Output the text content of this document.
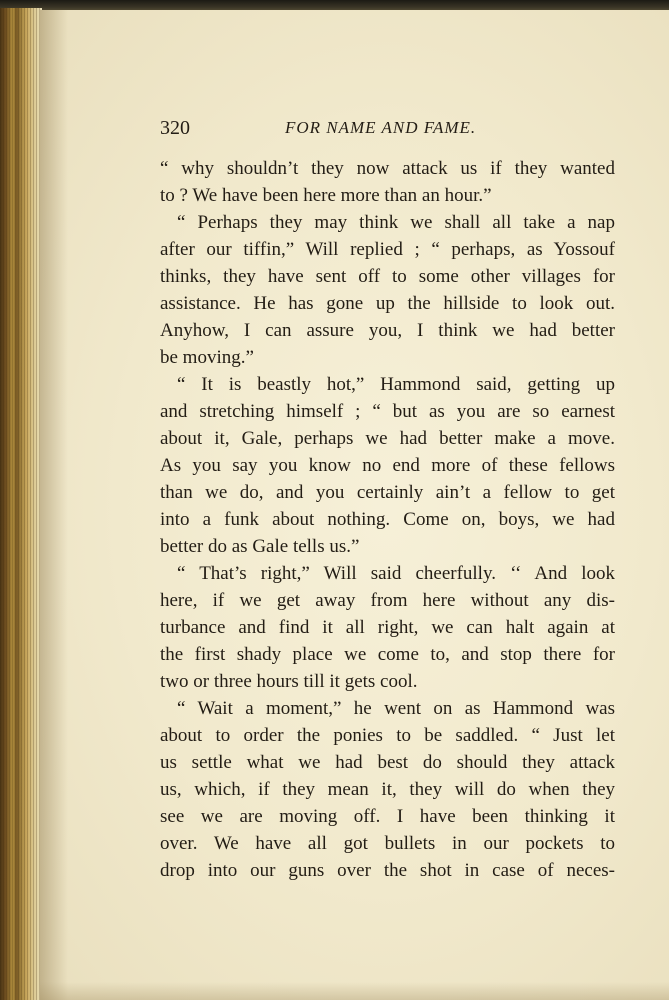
320	FOR NAME AND FAME.
“ why shouldn’t they now attack us if they wanted
to ? We have been here more than an hour.”
“ Perhaps they may think we shall all take a nap
after our tiffin,” Will replied ; “ perhaps, as Yossouf
thinks, they have sent off to some other villages for
assistance. He has gone up the hillside to look out.
Anyhow, I can assure you, I think we had better
be moving.”
“ It is beastly hot,” Hammond said, getting up
and stretching himself ; “ but as you are so earnest
about it, Gale, perhaps we had better make a move.
As you say you know no end more of these fellows
than we do, and you certainly ain’t a fellow to get
into a funk about nothing. Come on, boys, we had
better do as Gale tells us.”
“ That’s right,” Will said cheerfully. ‘‘ And look
here, if we get away from here without any dis-
turbance and find it all right, we can halt again at
the first shady place we come to, and stop there for
two or three hours till it gets cool.
“ Wait a moment,” he went on as Hammond was
about to order the ponies to be saddled. “ Just let
us settle what we had best do should they attack
us, which, if they mean it, they will do when they
see we are moving off. I have been thinking it
over. We have all got bullets in our pockets to
drop into our guns over the shot in case of neces-
